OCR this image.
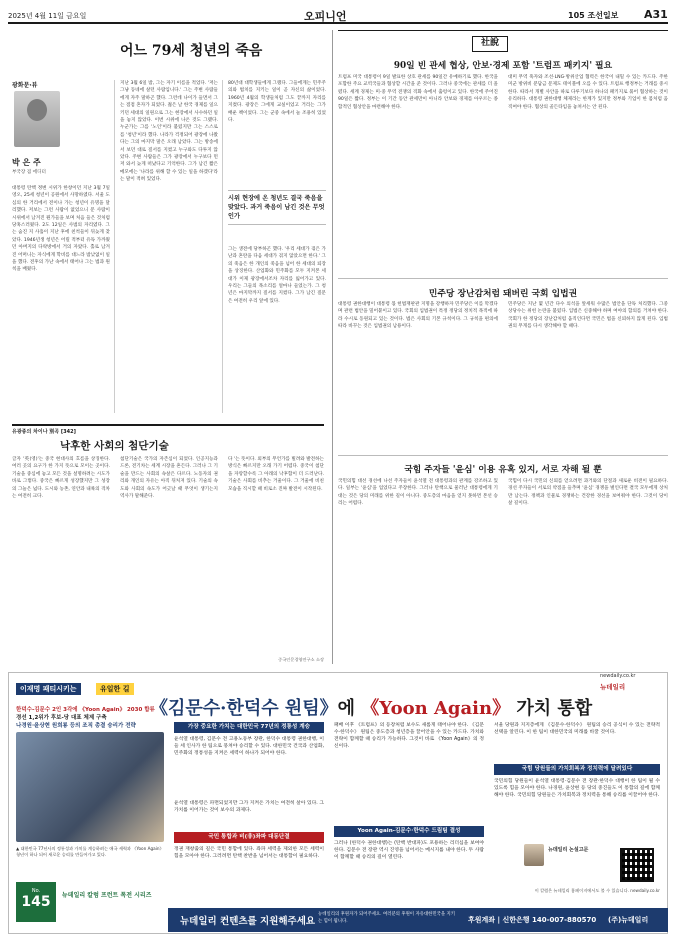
2025년 4월 11일 금요일	오피니언	105 조선일보 A31
어느 79세 청년의 죽음
광화문·뷰
박 은 주
부국장 겸 에디터

대통령 탄핵 정변 시위가 한창이던 지난 3월 7일 영오, 25세 청년이 공원에서 사망하였다. 서울 도심의 한 거리에서 전이나 가는 청년이 유명을 달리했다. 저보는 그런 사람이 없었으니 문 사람이 시위에서 남겨진 뭔가들을 보며 처음 들은 것처럼 당혹스러웠다. 2도 12일은 사범의 자리였다. 그는 숨진 지 사흘이 지난 후에 친척들이 뒤늦게 찾았다. 1946년생 청년은 어릴 적부터 유독 가까웠던 아버지의 다락방에서 거의 자랐다. 홀로 남겨진 어머니는 자식에게 학비를 대느라 밤낮없이 일을 했다. 전후의 가난 속에서 태어나 그는 법과 원칙을 배웠다.

지난 3월 6일 밤, 그는 자기 이름을 적었다. '저는 그냥 동네에 살던 사람입니다.' 그는 주변 사람들에게 자주 말하곤 했다. 그런데 나이가 들면서 그는 점점 혼자가 되었다. 젊은 날 한국 경제를 일으키던 세대의 일원으로 그는 현장에서 사수하던 일을 놓지 않았다. 이번 시위에 나온 것도 그랬다. 누군가는 그를 '노인'이라 불렀지만 그는 스스로를 '청년'이라 했다. 나라가 걱정되어 광장에 나왔다는 그의 마지막 말은 오래 남았다. 그는 방송에서 보던 대로 질서를 지켰고 누구와도 다투지 않았다. 주변 사람들은 그가 광장에서 누구보다 먼저 와서 늦게 떠났다고 기억한다. 그가 남긴 짧은 메모에는 '나라를 위해 할 수 있는 일을 하겠다'라는 말이 적혀 있었다.

80년대 대학생들에게 그랬다. 그들에게는 민주주의와 법치를 지키는 일이 곧 자신의 삶이었다. 1960년 4월의 학생들처럼 그도 끝까지 자리를 지켰다. 광장은 그에게 교실이었고 거리는 그가 배운 책이었다. 그는 군중 속에서 늘 조용히 있었다.

시위 현장에 온 청년도 결국 죽음을 맞았다. 과거 죽음이 남긴 것은 무엇인가

그는 생전에 당부하곤 했다. '우리 세대가 겪은 가난과 혼란을 다음 세대가 겪지 않았으면 한다.' 그의 죽음은 한 개인의 죽음을 넘어 한 세대의 퇴장을 상징한다. 산업화와 민주화를 모두 지켜본 세대가 이제 광장에서조차 자리를 잃어가고 있다. 우리는 그들의 목소리를 얼마나 들었는가. 그 청년은 마지막까지 질서를 지켰다. 그가 남긴 질문은 여전히 우리 앞에 있다.

유광종의 차이나 別곡 [342]
낙후한 사회의 첨단기술

글자 '英(영)'는 중국 현대사의 흐름을 상징한다. 여러 곳의 요구가 한 가지 뜻으로 모이는 곳이다. 기술을 중심에 놓고 모든 것을 설명하려는 시도가 바로 그렇다. 중국은 빠르게 성장했지만 그 성장의 그늘은 넓다. 도시와 농촌, 연안과 내륙의 격차는 여전히 크다.

첨단기술은 국가의 자존심이 되었다. 인공지능과 드론, 전기차는 세계 시장을 흔든다. 그러나 그 기술을 만드는 사회의 속살은 다르다. 노동자의 권리와 개인의 자유는 아직 뒤처져 있다. 기술의 속도와 사회의 속도가 어긋날 때 무엇이 생기는지 역사가 말해준다.

다 '는 뜻이다. 외부의 무언가를 빌려와 발전하는 방식은 빠르지만 오래 가기 어렵다. 중국이 첨단을 자랑할수록 그 아래의 낙후함이 더 드러난다. 기술은 사회를 비추는 거울이다. 그 거울에 비친 모습을 직시할 때 비로소 진짜 발전이 시작된다.

중국인문경영연구소 소장
社說
90일 빈 관세 협상, 안보·경제 포함 '트럼프 패키지' 필요

트럼프 미국 대통령이 9일 발표한 상호 관세를 90일간 유예하기로 했다. 한국을 포함한 주요 교역국들과 협상할 시간을 준 것이다. 그러나 중국에는 관세를 더 올렸다. 세계 경제는 미·중 무역 전쟁의 격화 속에서 출렁이고 있다. 한국에 주어진 90일은 짧다. 정부는 이 기간 동안 관세만이 아니라 안보와 경제를 아우르는 종합적인 협상안을 마련해야 한다.

대미 무역 흑자와 조선·LNG·방위산업 협력은 한국이 내밀 수 있는 카드다. 주한미군 방위비 분담금 문제도 테이블에 오를 수 있다. 트럼프 행정부는 거래를 중시한다. 따라서 개별 사안을 따로 다루기보다 하나의 패키지로 묶어 협상하는 것이 유리하다. 대통령 권한대행 체제라는 한계가 있지만 정부와 기업이 한 몸처럼 움직여야 한다. 협상의 골든타임을 놓쳐서는 안 된다.

민주당 장난감처럼 돼버린 국회 입법권

대통령 권한대행이 대통령 몫 헌법재판관 지명을 강행하자 민주당은 이를 막겠다며 관련 법안을 밀어붙이고 있다. 국회의 입법권이 특정 정당의 정치적 목적에 따라 수시로 동원되고 있는 것이다. 법은 사회의 기본 규칙이다. 그 규칙을 편의에 따라 바꾸는 것은 입법권의 남용이다.

민주당은 지난 몇 년간 다수 의석을 앞세워 수많은 법안을 단독 처리했다. 그중 상당수는 위헌 논란을 불렀다. 입법은 신중해야 하며 여야의 합의를 거쳐야 한다. 국회가 한 정당의 장난감처럼 움직인다면 국민은 법을 신뢰하지 않게 된다. 입법권의 무게를 다시 생각해야 할 때다.

국힘 주자들 '윤심' 이용 유혹 있지, 서로 자해 될 뿐

국민의힘 대선 경선에 나선 주자들이 윤석열 전 대통령과의 관계를 강조하고 있다. 일부는 '윤심'을 업었다고 주장한다. 그러나 탄핵으로 물러난 대통령에게 기대는 것은 당의 미래를 위한 길이 아니다. 중도층의 마음을 얻지 못하면 본선 승리는 어렵다.

국힘이 다시 국민의 신뢰를 얻으려면 과거와의 단절과 새로운 비전이 필요하다. 경선 주자들이 서로의 약점을 들추며 '윤심' 경쟁을 벌인다면 결국 모두에게 상처만 남는다. 정책과 인물로 경쟁하는 건강한 경선을 보여줘야 한다. 그것이 당이 살 길이다.

newdaily.co.kr
뉴데일리
이재명 패티시키는	유일한 길
《김문수·한덕수 원팀》에 《Yoon Again》 가치 통합
한덕수-김문수 2인 3각에 《Yoon Again》 2030 합류
경선 1,2위가 후보-당 대표 체제 구축
나경원·윤상현 원희룡 등의 조직 총결 승리가 전략
▲ 대한민국 77년사의 정통성과 가치를 계승하려는 애국 세력과 《Yoon Again》 청년이 하나 되어 새로운 승리를 만들어가고 있다.
No.
145	뉴데일리 칼럼 프런트 폭전 시리즈
가장 중요한 가치는 대한민국 77년의 정통성 계승
윤석열 대통령, 김문수 전 고용노동부 장관, 한덕수 대통령 권한대행, 이들 세 인사가 한 팀으로 뭉쳐야 승리할 수 있다. 대한민국 건국과 산업화, 민주화의 정통성을 지켜온 세력이 하나가 되어야 한다.
윤석열 대통령은 파면되었지만 그가 지켜온 가치는 여전히 살아 있다. 그 가치를 이어가는 것이 보수의 과제다.
국민 통합과 비(非)좌파 대동단결
정권 재창출의 길은 국민 통합에 있다. 좌파 세력을 제외한 모든 세력이 힘을 모아야 한다. 그러려면 탄핵 찬반을 넘어서는 대통합이 필요하다.
패배 이후 《트럼프》의 등장처럼 보수도 새롭게 태어나야 한다. 《김문수·한덕수》 원팀은 중도층과 청년층을 끌어안을 수 있는 카드다. 가치와 전략이 함께할 때 승리가 가능하다. 그것이 바로 《Yoon Again》의 정신이다.
Yoon Again-김문수·한덕수 드림팀 결성
그러나 (한덕수 권한대행)는 (탄핵 반대파)도 포용하는 리더십을 보여야 한다. 김문수 전 장관 역시 진영을 넘어서는 메시지를 내야 한다. 두 사람이 함께할 때 승리의 길이 열린다.
서울 당원과 지지층에게 《김문수·한덕수》 원팀의 승리 공식이 수 있는 전략적 선택을 알린다. 이 한 팀이 대한민국의 미래를 바꿀 것이다.
국힘 당원들의 가치회복과 정치력에 달려있다
국민의힘 당원들이 윤석열 대통령·김문수 전 장관·한덕수 대행이 한 팀이 될 수 있도록 힘을 모아야 한다. 나경원, 윤상현 등 당의 중진들도 이 통합의 길에 함께해야 한다. 국민의힘 당원들은 가치회복과 정치력을 통해 승리를 이끌어야 한다.
뉴데일리 논설고문
이 칼럼은 뉴데일리 홈페이지에서도 볼 수 있습니다. newdaily.co.kr
뉴데일리 컨텐츠를 지원해주세요
뉴데일리의 후원자가 되어주세요. 여러분의 후원이 자유대한민국을 지키는 힘이 됩니다.	후원계좌 | 신한은행 140-007-880570 (주)뉴데일리
